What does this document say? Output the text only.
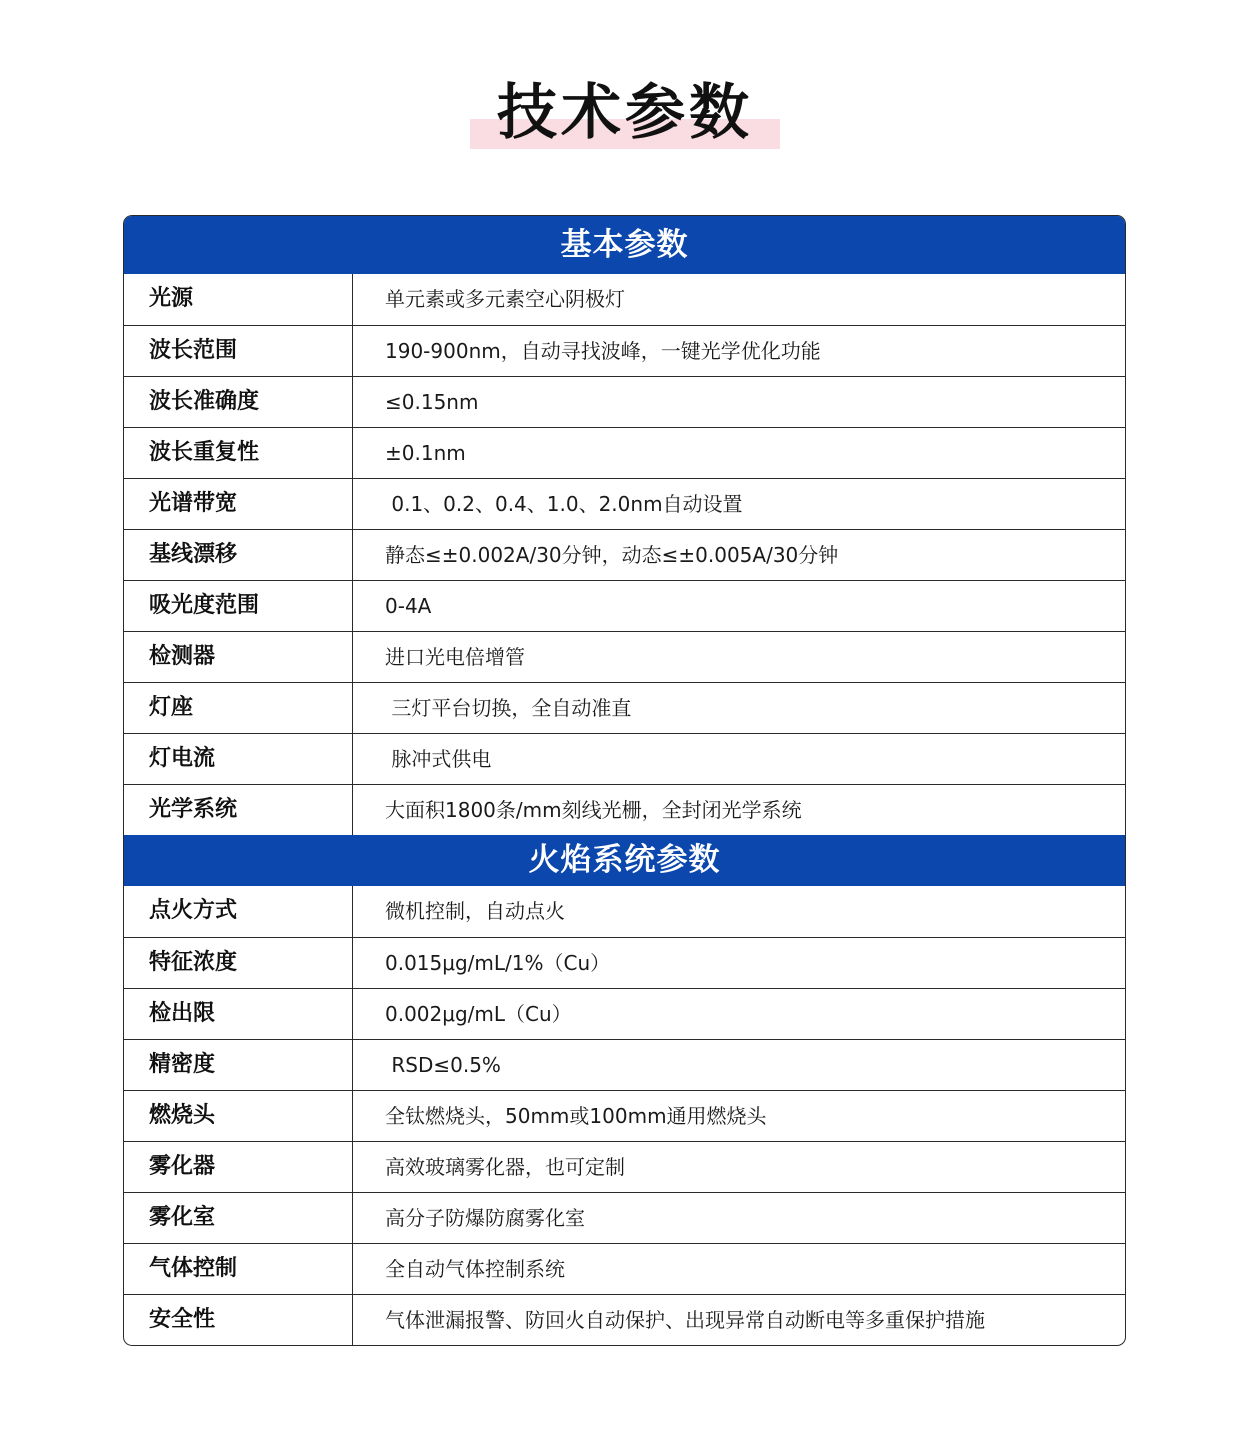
技术参数
基本参数
光源	单元素或多元素空心阴极灯
波长范围	190-900nm，自动寻找波峰，一键光学优化功能
波长准确度	≤0.15nm
波长重复性	±0.1nm
光谱带宽	0.1、0.2、0.4、1.0、2.0nm自动设置
基线漂移	静态≤±0.002A/30分钟，动态≤±0.005A/30分钟
吸光度范围	0-4A
检测器	进口光电倍增管
灯座	三灯平台切换，全自动准直
灯电流	脉冲式供电
光学系统	大面积1800条/mm刻线光栅，全封闭光学系统
火焰系统参数
点火方式	微机控制，自动点火
特征浓度	0.015μg/mL/1%（Cu）
检出限	0.002μg/mL（Cu）
精密度	RSD≤0.5%
燃烧头	全钛燃烧头，50mm或100mm通用燃烧头
雾化器	高效玻璃雾化器，也可定制
雾化室	高分子防爆防腐雾化室
气体控制	全自动气体控制系统
安全性	气体泄漏报警、防回火自动保护、出现异常自动断电等多重保护措施
